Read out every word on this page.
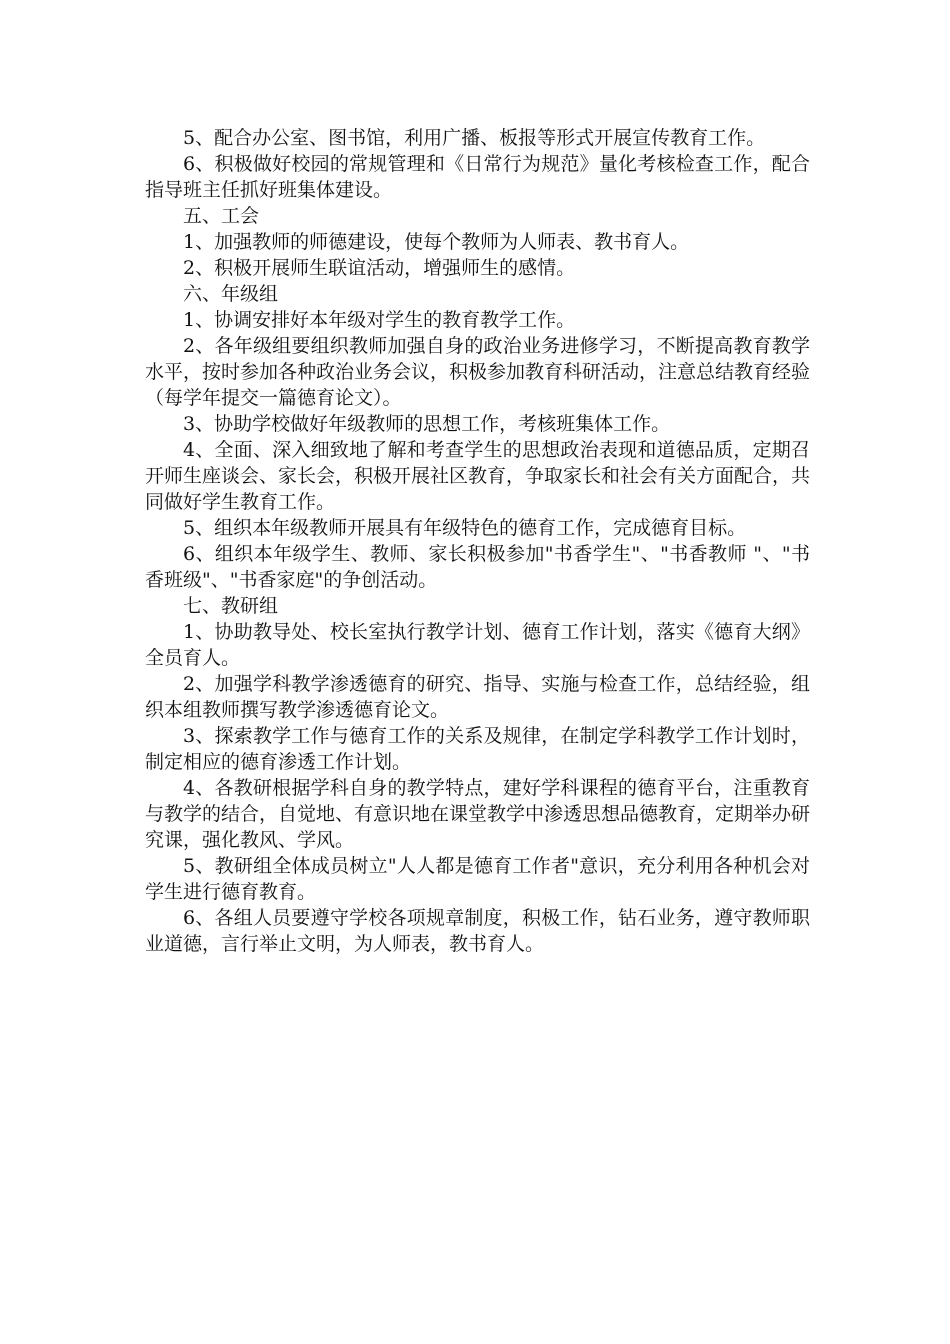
5、配合办公室、图书馆，利用广播、板报等形式开展宣传教育工作。

6、积极做好校园的常规管理和《日常行为规范》量化考核检查工作，配合指导班主任抓好班集体建设。

五、工会

1、加强教师的师德建设，使每个教师为人师表、教书育人。

2、积极开展师生联谊活动，增强师生的感情。

六、年级组

1、协调安排好本年级对学生的教育教学工作。

2、各年级组要组织教师加强自身的政治业务进修学习，不断提高教育教学水平，按时参加各种政治业务会议，积极参加教育科研活动，注意总结教育经验（每学年提交一篇德育论文）。

3、协助学校做好年级教师的思想工作，考核班集体工作。

4、全面、深入细致地了解和考查学生的思想政治表现和道德品质，定期召开师生座谈会、家长会，积极开展社区教育，争取家长和社会有关方面配合，共同做好学生教育工作。

5、组织本年级教师开展具有年级特色的德育工作，完成德育目标。

6、组织本年级学生、教师、家长积极参加"书香学生"、"书香教师 "、"书香班级"、"书香家庭"的争创活动。

七、教研组

1、协助教导处、校长室执行教学计划、德育工作计划，落实《德育大纲》全员育人。

2、加强学科教学渗透德育的研究、指导、实施与检查工作，总结经验，组织本组教师撰写教学渗透德育论文。

3、探索教学工作与德育工作的关系及规律，在制定学科教学工作计划时，制定相应的德育渗透工作计划。

4、各教研根据学科自身的教学特点，建好学科课程的德育平台，注重教育与教学的结合，自觉地、有意识地在课堂教学中渗透思想品德教育，定期举办研究课，强化教风、学风。

5、教研组全体成员树立"人人都是德育工作者"意识，充分利用各种机会对学生进行德育教育。

6、各组人员要遵守学校各项规章制度，积极工作，钻石业务，遵守教师职业道德，言行举止文明，为人师表，教书育人。
